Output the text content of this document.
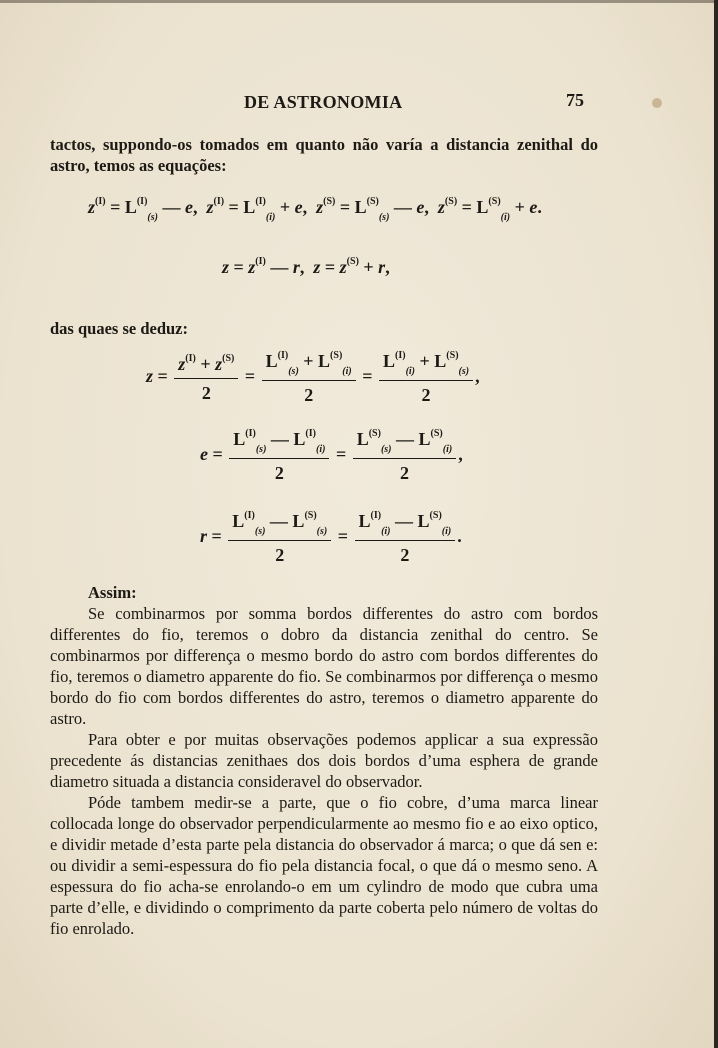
DE ASTRONOMIA	75

tactos, suppondo-os tomados em quanto não varía a distancia zenithal do astro, temos as equações:

$z^{(I)} = L^{(I)}_{(s)}$ — e,  $z^{(I)} = L^{(I)}_{(i)} + e$,  $z^{(S)} = L^{(S)}_{(s)}$ — e,  $z^{(S)} = L^{(S)}_{(i)} + e$.
$z = z^{(I)}$ — r,  $z = z^{(S)} + r$,

das quaes se deduz:

$z = \frac{z^{(I)} + z^{(S)}}{2} = \frac{L^{(I)}_{(s)} + L^{(S)}_{(i)}}{2} = \frac{L^{(I)}_{(i)} + L^{(S)}_{(s)}}{2}$ ,
$e = \frac{L^{(I)}_{(s)} — L^{(I)}_{(i)}}{2} = \frac{L^{(S)}_{(s)} — L^{(S)}_{(i)}}{2}$ ,
$r = \frac{L^{(I)}_{(s)} — L^{(S)}_{(s)}}{2} = \frac{L^{(I)}_{(i)} — L^{(S)}_{(i)}}{2}$ .

Assim:

Se combinarmos por somma bordos differentes do astro com bordos differentes do fio, teremos o dobro da distancia zenithal do centro. Se combinarmos por differença o mesmo bordo do astro com bordos differentes do fio, teremos o diametro apparente do fio. Se combinarmos por differença o mesmo bordo do fio com bordos differentes do astro, teremos o diametro apparente do astro.

Para obter e por muitas observações podemos applicar a sua expressão precedente ás distancias zenithaes dos dois bordos d’uma esphera de grande diametro situada a distancia consideravel do observador.

Póde tambem medir-se a parte, que o fio cobre, d’uma marca linear collocada longe do observador perpendicularmente ao mesmo fio e ao eixo optico, e dividir metade d’esta parte pela distancia do observador á marca; o que dá sen e: ou dividir a semi-espessura do fio pela distancia focal, o que dá o mesmo seno. A espessura do fio acha-se enrolando-o em um cylindro de modo que cubra uma parte d’elle, e dividindo o comprimento da parte coberta pelo número de voltas do fio enrolado.
